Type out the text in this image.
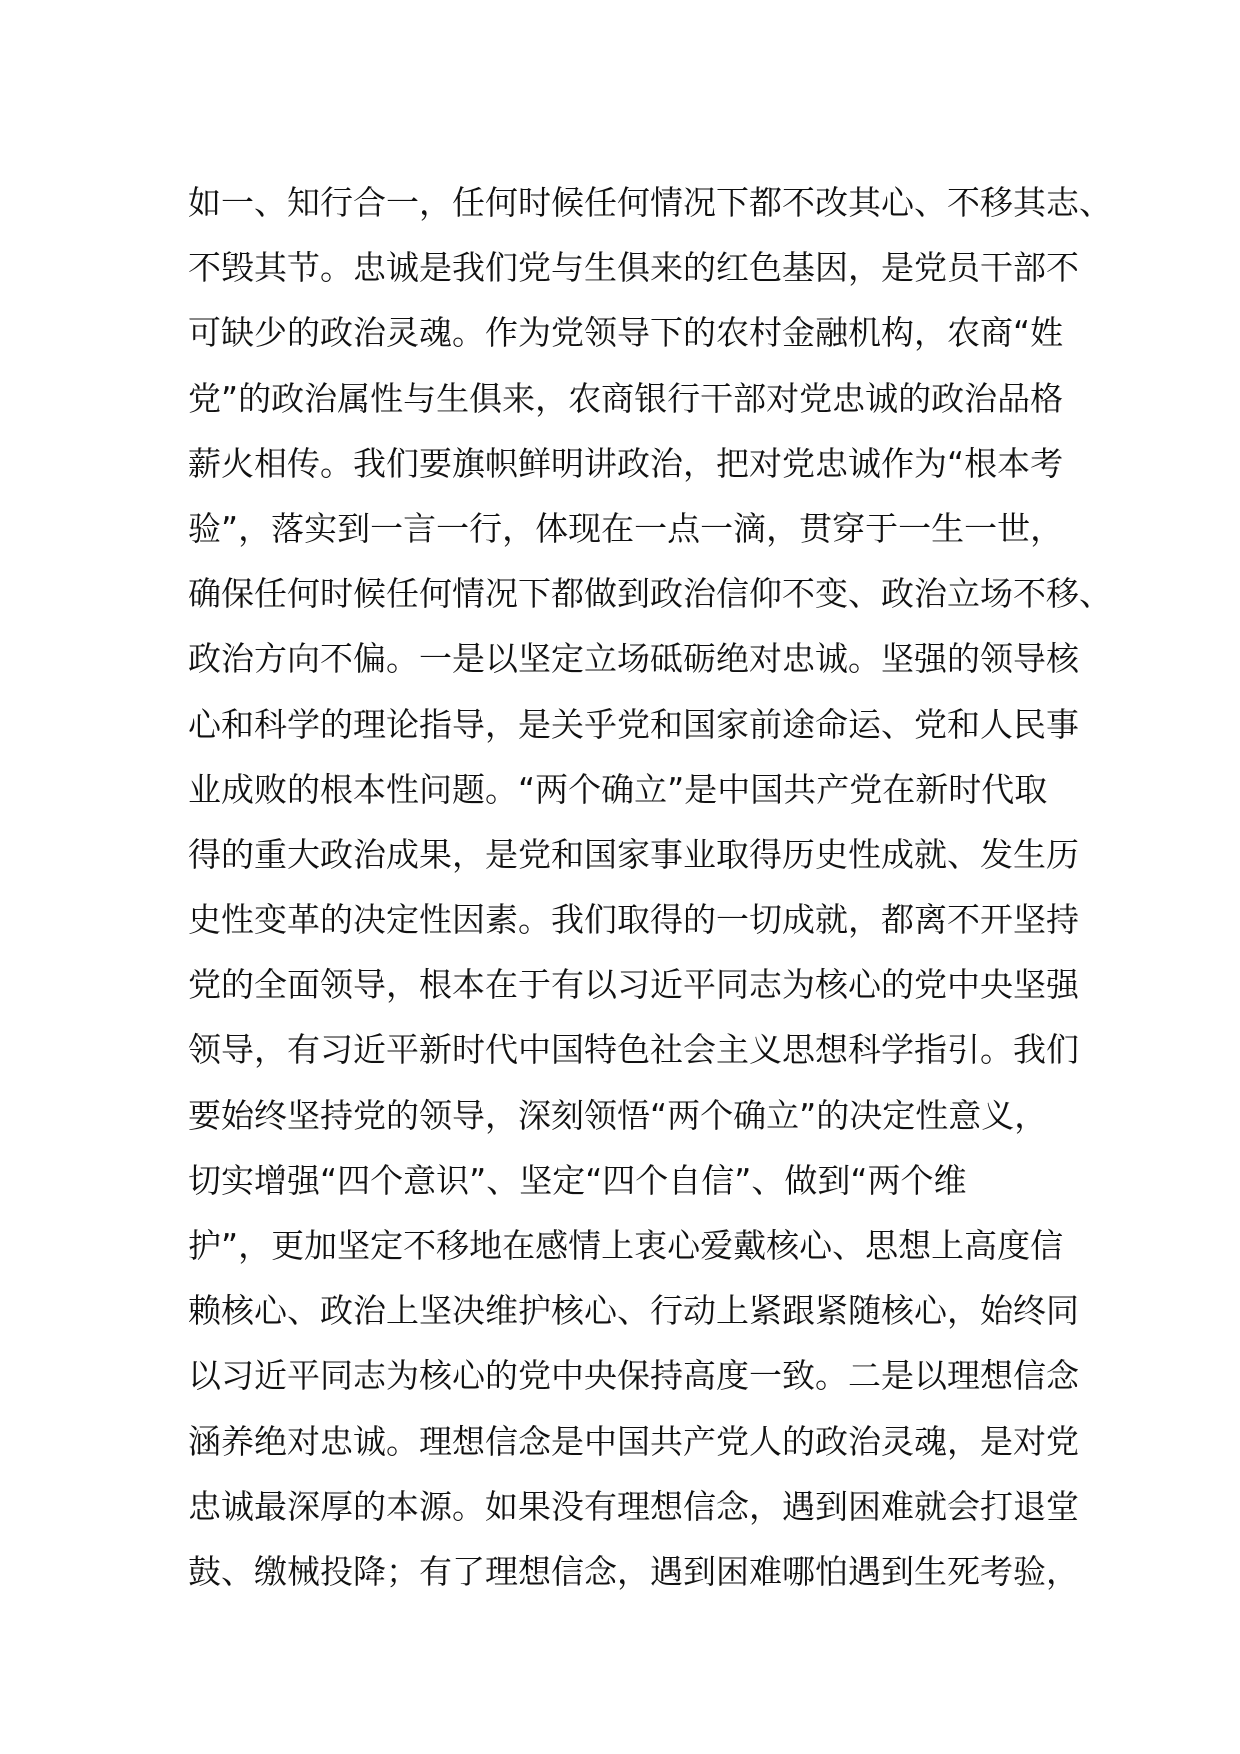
如一、知行合一，任何时候任何情况下都不改其心、不移其志、
不毁其节。忠诚是我们党与生俱来的红色基因，是党员干部不
可缺少的政治灵魂。作为党领导下的农村金融机构，农商“姓
党”的政治属性与生俱来，农商银行干部对党忠诚的政治品格
薪火相传。我们要旗帜鲜明讲政治，把对党忠诚作为“根本考
验”，落实到一言一行，体现在一点一滴，贯穿于一生一世，
确保任何时候任何情况下都做到政治信仰不变、政治立场不移、
政治方向不偏。一是以坚定立场砥砺绝对忠诚。坚强的领导核
心和科学的理论指导，是关乎党和国家前途命运、党和人民事
业成败的根本性问题。“两个确立”是中国共产党在新时代取
得的重大政治成果，是党和国家事业取得历史性成就、发生历
史性变革的决定性因素。我们取得的一切成就，都离不开坚持
党的全面领导，根本在于有以习近平同志为核心的党中央坚强
领导，有习近平新时代中国特色社会主义思想科学指引。我们
要始终坚持党的领导，深刻领悟“两个确立”的决定性意义，
切实增强“四个意识”、坚定“四个自信”、做到“两个维
护”，更加坚定不移地在感情上衷心爱戴核心、思想上高度信
赖核心、政治上坚决维护核心、行动上紧跟紧随核心，始终同
以习近平同志为核心的党中央保持高度一致。二是以理想信念
涵养绝对忠诚。理想信念是中国共产党人的政治灵魂，是对党
忠诚最深厚的本源。如果没有理想信念，遇到困难就会打退堂
鼓、缴械投降；有了理想信念，遇到困难哪怕遇到生死考验，
